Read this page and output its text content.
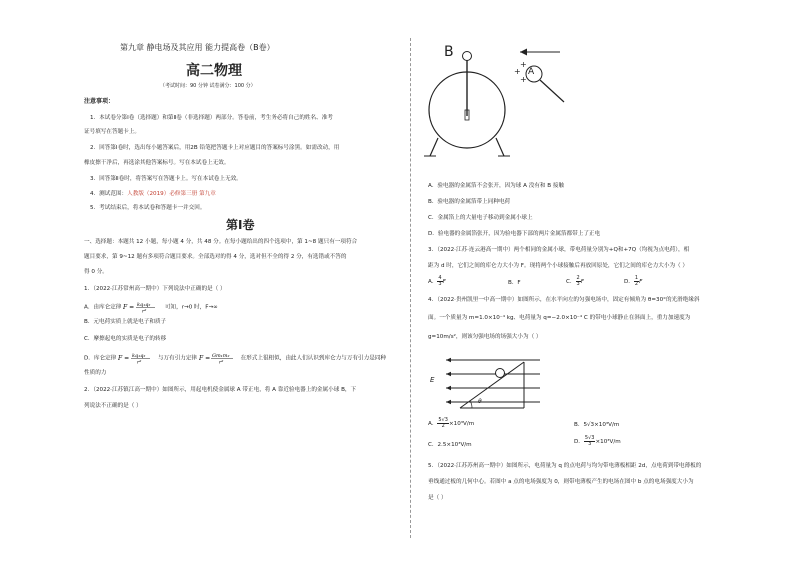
第九章 静电场及其应用 能力提高卷（B卷）
高二物理
（考试时间：90 分钟 试卷满分：100 分）
注意事项：
1．本试卷分第Ⅰ卷（选择题）和第Ⅱ卷（非选择题）两部分。答卷前，考生务必将自己的姓名、准考
证号填写在答题卡上。
2．回答第Ⅰ卷时，选出每小题答案后，用2B 铅笔把答题卡上对应题目的答案标号涂黑。如需改动，用
橡皮擦干净后，再选涂其他答案标号。写在本试卷上无效。
3．回答第Ⅱ卷时，将答案写在答题卡上。写在本试卷上无效。
4．测试范围：人教版（2019）必修第三册 第九章
5．考试结束后，将本试卷和答题卡一并交回。
第Ⅰ卷
一、选择题：本题共 12 小题，每小题 4 分，共 48 分。在每小题给出的四个选项中，第 1~8 题只有一项符合
题目要求，第 9~12 题有多项符合题目要求。全部选对的得 4 分，选对但不全的得 2 分，有选错或不答的
得 0 分。
1．（2022·江苏常州高一期中）下列说法中正确的是（ ）
A．由库仑定律 F = kq₁q₂
r²
可知，r→0 时，F→∞
B．元电荷实质上就是电子和质子
C．摩擦起电的实质是电子的转移
D．库仑定律 F = kq₁q₂
r²
与万有引力定律 F = Gm₁m₂
r²
在形式上很相似，由此人们认识到库仑力与万有引力是同种
性质的力
2．（2022·江苏镇江高一期中）如图所示，用起电机使金属球 A 带正电，将 A 靠近验电器上的金属小球 B，下
列说法不正确的是（ ）
B
A
+
+
+
A．验电器的金属箔不会张开，因为球 A 没有和 B 接触
B．验电器的金属箔带上同种电荷
C．金属箔上的大量电子移动到金属小球上
D．验电器的金属箔张开，因为验电器下部的两片金属箔都带上了正电
3．（2022·江苏·连云港高一期中）两个相同的金属小球，带电荷量分别为+Q和+7Q（均视为点电荷），相
距为 d 时，它们之间的库仑力大小为 F。现将两个小球接触后再放回原处，它们之间的库仑力大小为（ ）
A． $\frac{4}{3}$ F	B．F	C． $\frac{2}{3}$ F	D． $\frac{1}{2}$ F
4．（2022·贵州凯里一中高一期中）如图所示，在水平向左的匀强电场中，固定有倾角为 θ=30°的光滑绝缘斜
面。一个质量为 m=1.0×10⁻⁴ kg、电荷量为 q=−2.0×10⁻⁴ C 的带电小球静止在斜面上，重力加速度为
g=10m/s²，则该匀强电场的场强大小为（ ）
E
θ
A． $\frac{5√3}{2} \times 10^3V/m$	B．5√3×10³V/m
C．2.5×10³V/m	D． $\frac{5√3}{3} \times 10^3V/m$
5．（2022·江苏苏州高一期中）如图所示，电荷量为 q 的点电荷与均匀带电薄板相距 2d，点电荷到带电薄板的
垂线通过板的几何中心。若图中 a 点的电场强度为 0，则带电薄板产生的电场在图中 b 点的电场强度大小为
是（ ）
